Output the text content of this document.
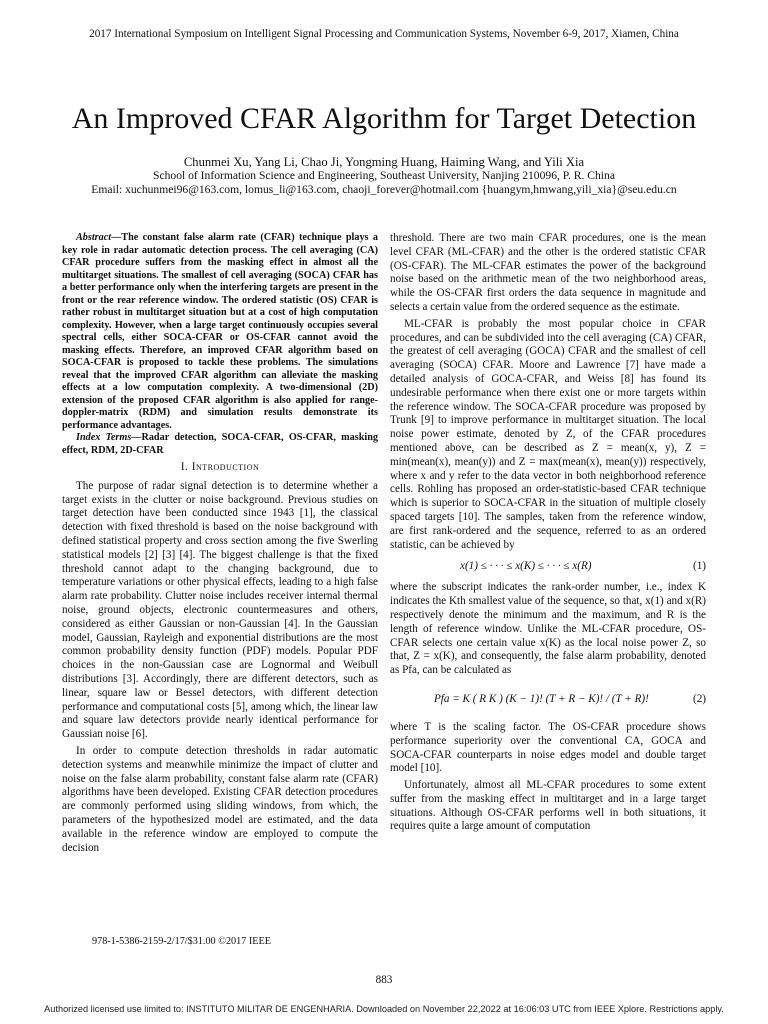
2017 International Symposium on Intelligent Signal Processing and Communication Systems, November 6-9, 2017, Xiamen, China
An Improved CFAR Algorithm for Target Detection
Chunmei Xu, Yang Li, Chao Ji, Yongming Huang, Haiming Wang, and Yili Xia
School of Information Science and Engineering, Southeast University, Nanjing 210096, P. R. China
Email: xuchunmei96@163.com, lomus_li@163.com, chaoji_forever@hotmail.com {huangym,hmwang,yili_xia}@seu.edu.cn

Abstract—The constant false alarm rate (CFAR) technique plays a key role in radar automatic detection process. The cell averaging (CA) CFAR procedure suffers from the masking effect in almost all the multitarget situations. The smallest of cell averaging (SOCA) CFAR has a better performance only when the interfering targets are present in the front or the rear reference window. The ordered statistic (OS) CFAR is rather robust in multitarget situation but at a cost of high computation complexity. However, when a large target continuously occupies several spectral cells, either SOCA-CFAR or OS-CFAR cannot avoid the masking effects. Therefore, an improved CFAR algorithm based on SOCA-CFAR is proposed to tackle these problems. The simulations reveal that the improved CFAR algorithm can alleviate the masking effects at a low computation complexity. A two-dimensional (2D) extension of the proposed CFAR algorithm is also applied for range-doppler-matrix (RDM) and simulation results demonstrate its performance advantages.

Index Terms—Radar detection, SOCA-CFAR, OS-CFAR, masking effect, RDM, 2D-CFAR

I. Introduction

The purpose of radar signal detection is to determine whether a target exists in the clutter or noise background. Previous studies on target detection have been conducted since 1943 [1], the classical detection with fixed threshold is based on the noise background with defined statistical property and cross section among the five Swerling statistical models [2] [3] [4]. The biggest challenge is that the fixed threshold cannot adapt to the changing background, due to temperature variations or other physical effects, leading to a high false alarm rate probability. Clutter noise includes receiver internal thermal noise, ground objects, electronic countermeasures and others, considered as either Gaussian or non-Gaussian [4]. In the Gaussian model, Gaussian, Rayleigh and exponential distributions are the most common probability density function (PDF) models. Popular PDF choices in the non-Gaussian case are Lognormal and Weibull distributions [3]. Accordingly, there are different detectors, such as linear, square law or Bessel detectors, with different detection performance and computational costs [5], among which, the linear law and square law detectors provide nearly identical performance for Gaussian noise [6].

In order to compute detection thresholds in radar automatic detection systems and meanwhile minimize the impact of clutter and noise on the false alarm probability, constant false alarm rate (CFAR) algorithms have been developed. Existing CFAR detection procedures are commonly performed using sliding windows, from which, the parameters of the hypothesized model are estimated, and the data available in the reference window are employed to compute the decision

threshold. There are two main CFAR procedures, one is the mean level CFAR (ML-CFAR) and the other is the ordered statistic CFAR (OS-CFAR). The ML-CFAR estimates the power of the background noise based on the arithmetic mean of the two neighborhood areas, while the OS-CFAR first orders the data sequence in magnitude and selects a certain value from the ordered sequence as the estimate.

ML-CFAR is probably the most popular choice in CFAR procedures, and can be subdivided into the cell averaging (CA) CFAR, the greatest of cell averaging (GOCA) CFAR and the smallest of cell averaging (SOCA) CFAR. Moore and Lawrence [7] have made a detailed analysis of GOCA-CFAR, and Weiss [8] has found its undesirable performance when there exist one or more targets within the reference window. The SOCA-CFAR procedure was proposed by Trunk [9] to improve performance in multitarget situation. The local noise power estimate, denoted by Z, of the CFAR procedures mentioned above, can be described as Z = mean(x, y), Z = min(mean(x), mean(y)) and Z = max(mean(x), mean(y)) respectively, where x and y refer to the data vector in both neighborhood reference cells. Rohling has proposed an order-statistic-based CFAR technique which is superior to SOCA-CFAR in the situation of multiple closely spaced targets [10]. The samples, taken from the reference window, are first rank-ordered and the sequence, referred to as an ordered statistic, can be achieved by

x(1) ≤ · · · ≤ x(K) ≤ · · · ≤ x(R)	(1)

where the subscript indicates the rank-order number, i.e., index K indicates the Kth smallest value of the sequence, so that, x(1) and x(R) respectively denote the minimum and the maximum, and R is the length of reference window. Unlike the ML-CFAR procedure, OS-CFAR selects one certain value x(K) as the local noise power Z, so that, Z = x(K), and consequently, the false alarm probability, denoted as Pfa, can be calculated as

Pfa = K ( R K ) (K − 1)! (T + R − K)! / (T + R)!	(2)

where T is the scaling factor. The OS-CFAR procedure shows performance superiority over the conventional CA, GOCA and SOCA-CFAR counterparts in noise edges model and double target model [10].

Unfortunately, almost all ML-CFAR procedures to some extent suffer from the masking effect in multitarget and in a large target situations. Although OS-CFAR performs well in both situations, it requires quite a large amount of computation

978-1-5386-2159-2/17/$31.00 ©2017 IEEE
883
Authorized licensed use limited to: INSTITUTO MILITAR DE ENGENHARIA. Downloaded on November 22,2022 at 16:06:03 UTC from IEEE Xplore. Restrictions apply.
